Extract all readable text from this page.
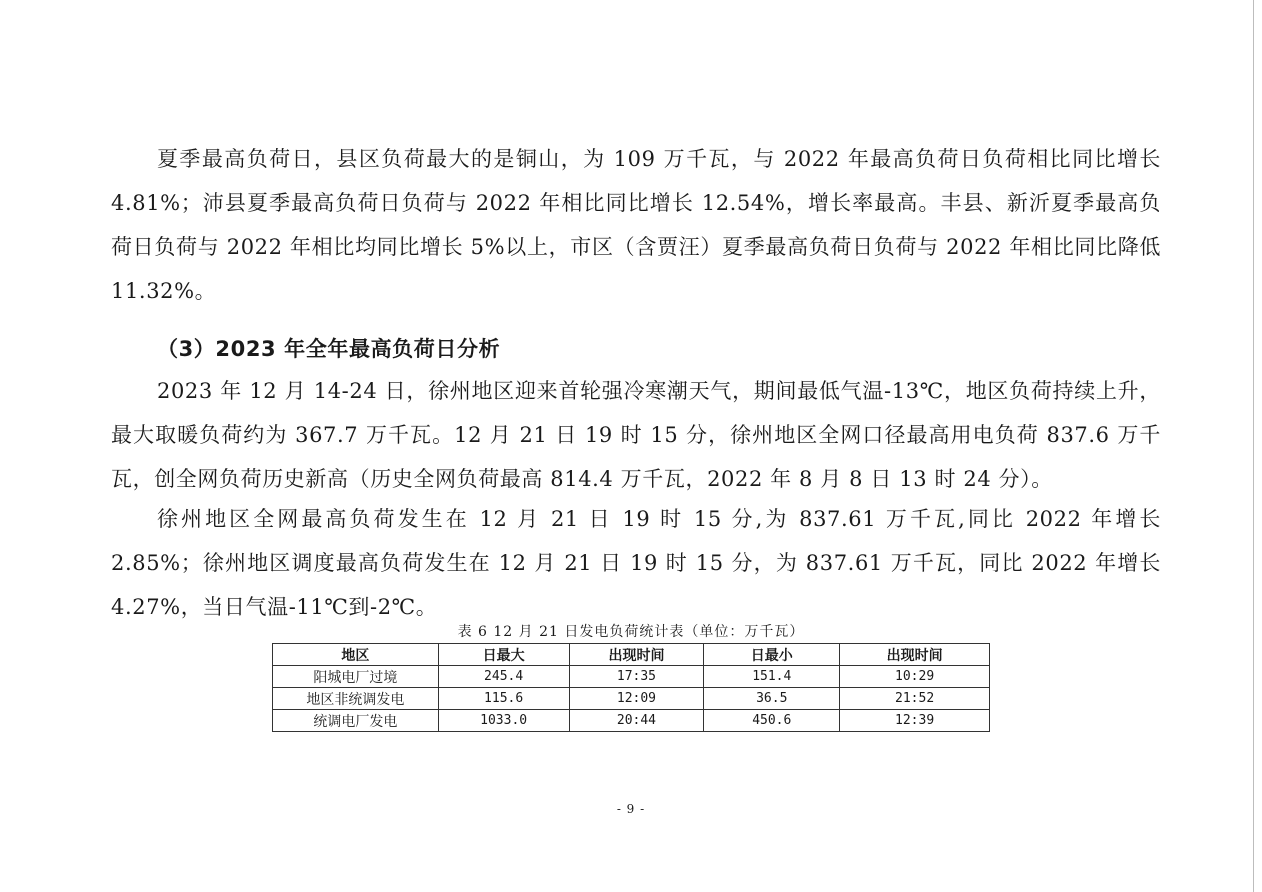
夏季最高负荷日，县区负荷最大的是铜山，为 109 万千瓦，与 2022 年最高负荷日负荷相比同比增长 4.81%；沛县夏季最高负荷日负荷与 2022 年相比同比增长 12.54%，增长率最高。丰县、新沂夏季最高负荷日负荷与 2022 年相比均同比增长 5%以上，市区（含贾汪）夏季最高负荷日负荷与 2022 年相比同比降低 11.32%。

（3）2023 年全年最高负荷日分析

2023 年 12 月 14-24 日，徐州地区迎来首轮强冷寒潮天气，期间最低气温-13℃，地区负荷持续上升，最大取暖负荷约为 367.7 万千瓦。12 月 21 日 19 时 15 分，徐州地区全网口径最高用电负荷 837.6 万千瓦，创全网负荷历史新高（历史全网负荷最高 814.4 万千瓦，2022 年 8 月 8 日 13 时 24 分）。

徐州地区全网最高负荷发生在 12 月 21 日 19 时 15 分,为 837.61 万千瓦,同比 2022 年增长 2.85%；徐州地区调度最高负荷发生在 12 月 21 日 19 时 15 分，为 837.61 万千瓦，同比 2022 年增长 4.27%，当日气温-11℃到-2℃。

表 6 12 月 21 日发电负荷统计表（单位：万千瓦）
地区	日最大	出现时间	日最小	出现时间
阳城电厂过境	245.4	17:35	151.4	10:29
地区非统调发电	115.6	12:09	36.5	21:52
统调电厂发电	1033.0	20:44	450.6	12:39
- 9 -
